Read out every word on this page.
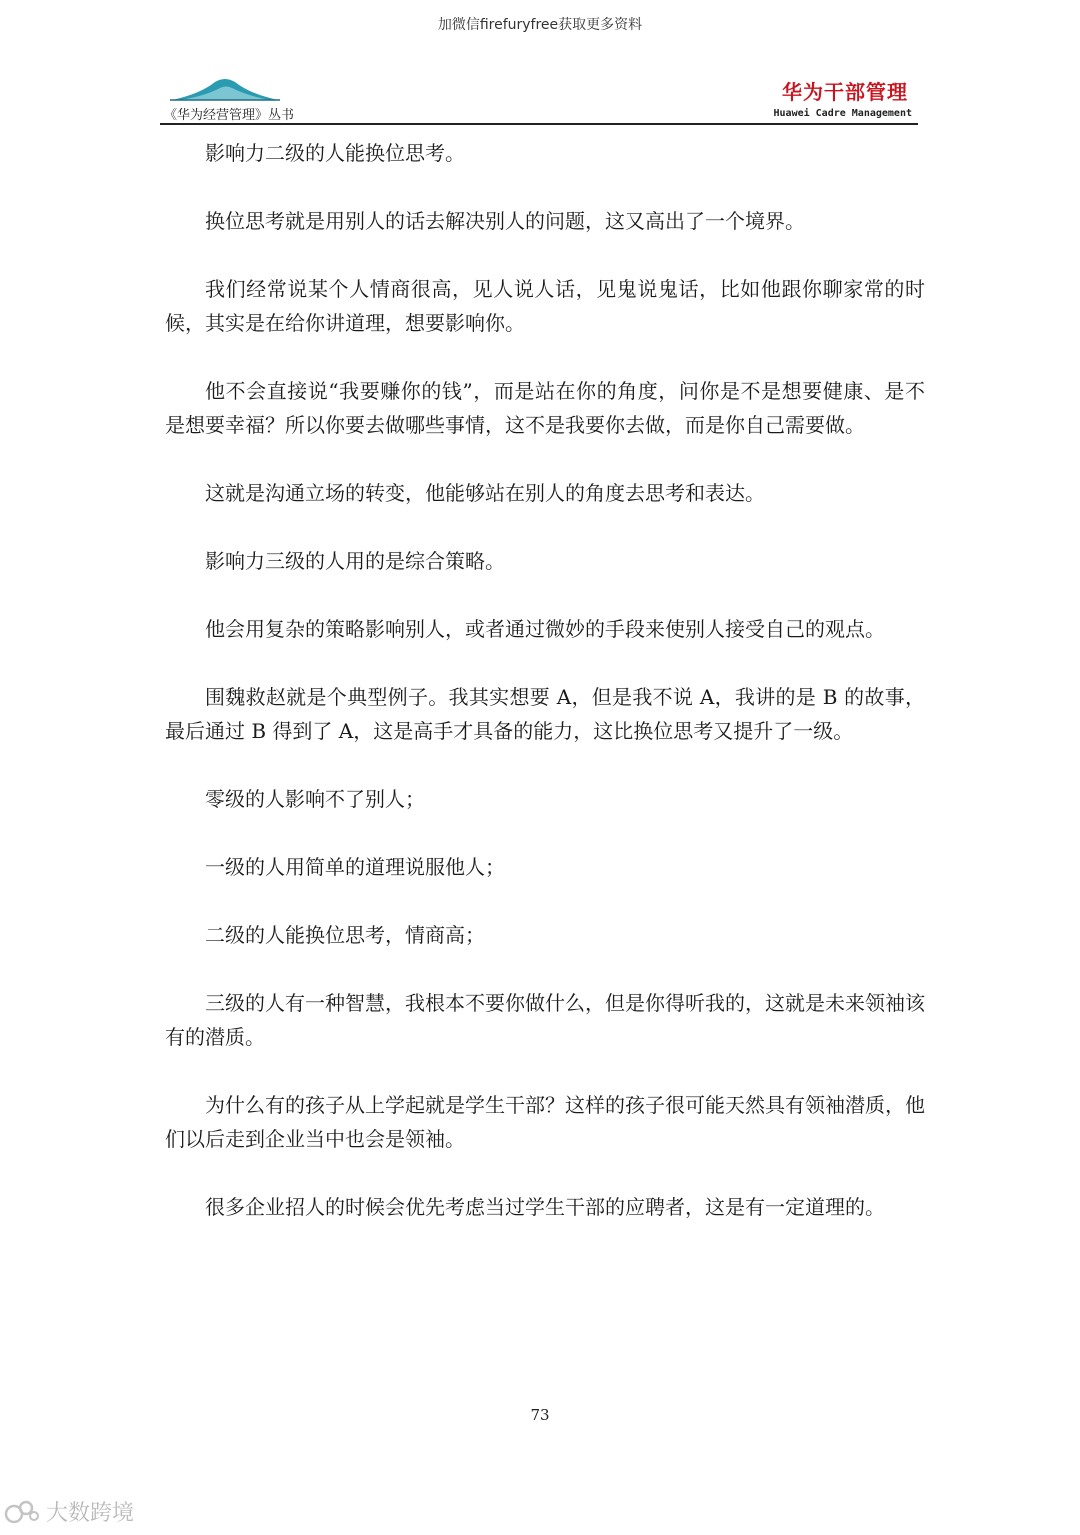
加微信firefuryfree获取更多资料
《华为经营管理》丛书
华为干部管理
Huawei Cadre Management

影响力二级的人能换位思考。

换位思考就是用别人的话去解决别人的问题，这又高出了一个境界。

我们经常说某个人情商很高，见人说人话，见鬼说鬼话，比如他跟你聊家常的时候，其实是在给你讲道理，想要影响你。

他不会直接说“我要赚你的钱”，而是站在你的角度，问你是不是想要健康、是不是想要幸福？所以你要去做哪些事情，这不是我要你去做，而是你自己需要做。

这就是沟通立场的转变，他能够站在别人的角度去思考和表达。

影响力三级的人用的是综合策略。

他会用复杂的策略影响别人，或者通过微妙的手段来使别人接受自己的观点。

围魏救赵就是个典型例子。我其实想要 A，但是我不说 A，我讲的是 B 的故事，最后通过 B 得到了 A，这是高手才具备的能力，这比换位思考又提升了一级。

零级的人影响不了别人；

一级的人用简单的道理说服他人；

二级的人能换位思考，情商高；

三级的人有一种智慧，我根本不要你做什么，但是你得听我的，这就是未来领袖该有的潜质。

为什么有的孩子从上学起就是学生干部？这样的孩子很可能天然具有领袖潜质，他们以后走到企业当中也会是领袖。

很多企业招人的时候会优先考虑当过学生干部的应聘者，这是有一定道理的。

73
大数跨境
